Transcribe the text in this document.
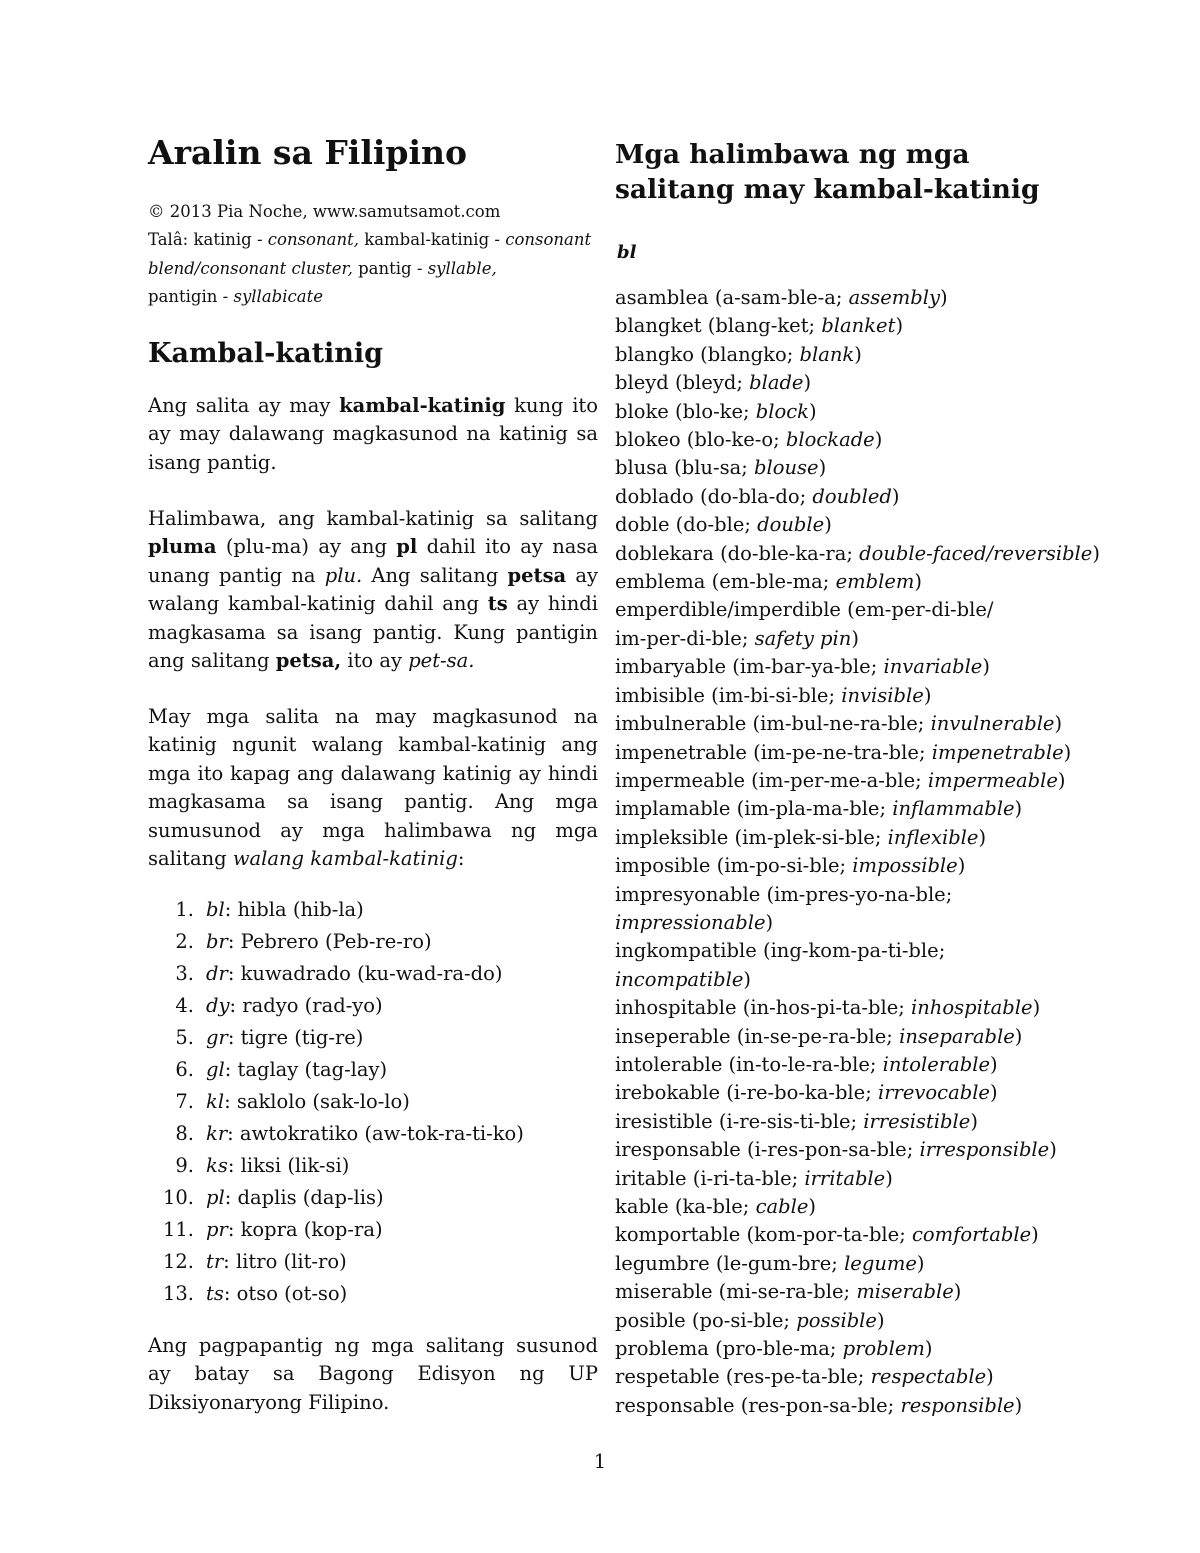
Aralin sa Filipino
© 2013 Pia Noche, www.samutsamot.com
Talâ: katinig - consonant, kambal-katinig - consonant blend/consonant cluster, pantig - syllable,
pantigin - syllabicate
Kambal-katinig
Ang salita ay may kambal-katinig kung ito ay may dalawang magkasunod na katinig sa isang pantig.
Halimbawa, ang kambal-katinig sa salitang pluma (plu-ma) ay ang pl dahil ito ay nasa unang pantig na plu. Ang salitang petsa ay walang kambal-katinig dahil ang ts ay hindi magkasama sa isang pantig. Kung pantigin ang salitang petsa, ito ay pet-sa.
May mga salita na may magkasunod na katinig ngunit walang kambal-katinig ang mga ito kapag ang dalawang katinig ay hindi magkasama sa isang pantig. Ang mga sumusunod ay mga halimbawa ng mga salitang walang kambal-katinig:
1. bl: hibla (hib-la)
2. br: Pebrero (Peb-re-ro)
3. dr: kuwadrado (ku-wad-ra-do)
4. dy: radyo (rad-yo)
5. gr: tigre (tig-re)
6. gl: taglay (tag-lay)
7. kl: saklolo (sak-lo-lo)
8. kr: awtokratiko (aw-tok-ra-ti-ko)
9. ks: liksi (lik-si)
10. pl: daplis (dap-lis)
11. pr: kopra (kop-ra)
12. tr: litro (lit-ro)
13. ts: otso (ot-so)
Ang pagpapantig ng mga salitang susunod ay batay sa Bagong Edisyon ng UP Diksiyonaryong Filipino.
Mga halimbawa ng mga salitang may kambal-katinig
bl
asamblea (a-sam-ble-a; assembly)
blangket (blang-ket; blanket)
blangko (blangko; blank)
bleyd (bleyd; blade)
bloke (blo-ke; block)
blokeo (blo-ke-o; blockade)
blusa (blu-sa; blouse)
doblado (do-bla-do; doubled)
doble (do-ble; double)
doblekara (do-ble-ka-ra; double-faced/reversible)
emblema (em-ble-ma; emblem)
emperdible/imperdible (em-per-di-ble/
im-per-di-ble; safety pin)
imbaryable (im-bar-ya-ble; invariable)
imbisible (im-bi-si-ble; invisible)
imbulnerable (im-bul-ne-ra-ble; invulnerable)
impenetrable (im-pe-ne-tra-ble; impenetrable)
impermeable (im-per-me-a-ble; impermeable)
implamable (im-pla-ma-ble; inflammable)
impleksible (im-plek-si-ble; inflexible)
imposible (im-po-si-ble; impossible)
impresyonable (im-pres-yo-na-ble;
impressionable)
ingkompatible (ing-kom-pa-ti-ble;
incompatible)
inhospitable (in-hos-pi-ta-ble; inhospitable)
inseperable (in-se-pe-ra-ble; inseparable)
intolerable (in-to-le-ra-ble; intolerable)
irebokable (i-re-bo-ka-ble; irrevocable)
iresistible (i-re-sis-ti-ble; irresistible)
iresponsable (i-res-pon-sa-ble; irresponsible)
iritable (i-ri-ta-ble; irritable)
kable (ka-ble; cable)
komportable (kom-por-ta-ble; comfortable)
legumbre (le-gum-bre; legume)
miserable (mi-se-ra-ble; miserable)
posible (po-si-ble; possible)
problema (pro-ble-ma; problem)
respetable (res-pe-ta-ble; respectable)
responsable (res-pon-sa-ble; responsible)
1
